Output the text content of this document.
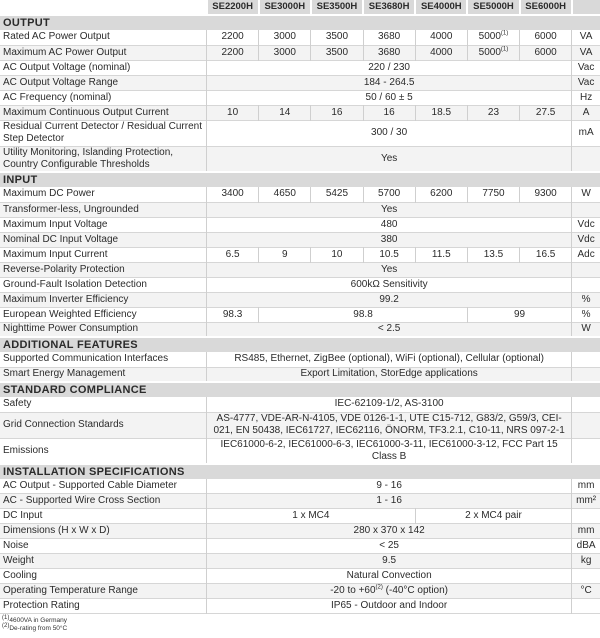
	SE2200H	SE3000H	SE3500H	SE3680H	SE4000H	SE5000H	SE6000H	
OUTPUT								
Rated AC Power Output	2200	3000	3500	3680	4000	5000$^{(1)}$	6000	VA
Maximum AC Power Output	2200	3000	3500	3680	4000	5000$^{(1)}$	6000	VA
AC Output Voltage (nominal)	220 / 230							Vac
AC Output Voltage Range	184 - 264.5							Vac
AC Frequency (nominal)	50 / 60 ± 5							Hz
Maximum Continuous Output Current	10	14	16	16	18.5	23	27.5	A
Residual Current Detector / Residual Current Step Detector	300 / 30							mA
Utility Monitoring, Islanding Protection, Country Configurable Thresholds	Yes							
INPUT								
Maximum DC Power	3400	4650	5425	5700	6200	7750	9300	W
Transformer-less, Ungrounded	Yes							
Maximum Input Voltage	480							Vdc
Nominal DC Input Voltage	380							Vdc
Maximum Input Current	6.5	9	10	10.5	11.5	13.5	16.5	Adc
Reverse-Polarity Protection	Yes							
Ground-Fault Isolation Detection	600kΩ Sensitivity							
Maximum Inverter Efficiency	99.2							%
European Weighted Efficiency	98.3	98.8				99		%
Nighttime Power Consumption	< 2.5							W
ADDITIONAL FEATURES								
Supported Communication Interfaces	RS485, Ethernet, ZigBee (optional), WiFi (optional), Cellular (optional)							
Smart Energy Management	Export Limitation, StorEdge applications							
STANDARD COMPLIANCE								
Safety	IEC-62109-1/2, AS-3100							
Grid Connection Standards	AS-4777, VDE-AR-N-4105, VDE 0126-1-1, UTE C15-712, G83/2, G59/3, CEI-021, EN 50438, IEC61727, IEC62116, ÖNORM, TF3.2.1, C10-11, NRS 097-2-1							
Emissions	IEC61000-6-2, IEC61000-6-3, IEC61000-3-11, IEC61000-3-12, FCC Part 15 Class B							
INSTALLATION SPECIFICATIONS								
AC Output - Supported Cable Diameter	9 - 16							mm
AC - Supported Wire Cross Section	1 - 16							mm²
DC Input	1 x MC4				2 x MC4 pair			
Dimensions (H x W x D)	280 x 370 x 142							mm
Noise	< 25							dBA
Weight	9.5							kg
Cooling	Natural Convection							
Operating Temperature Range	-20 to $+60^{(2)}$ (-40°C option)							°C
Protection Rating	IP65 - Outdoor and Indoor							
$^{(1)}$4600VA in Germany
$^{(2)}$De-rating from 50°C
